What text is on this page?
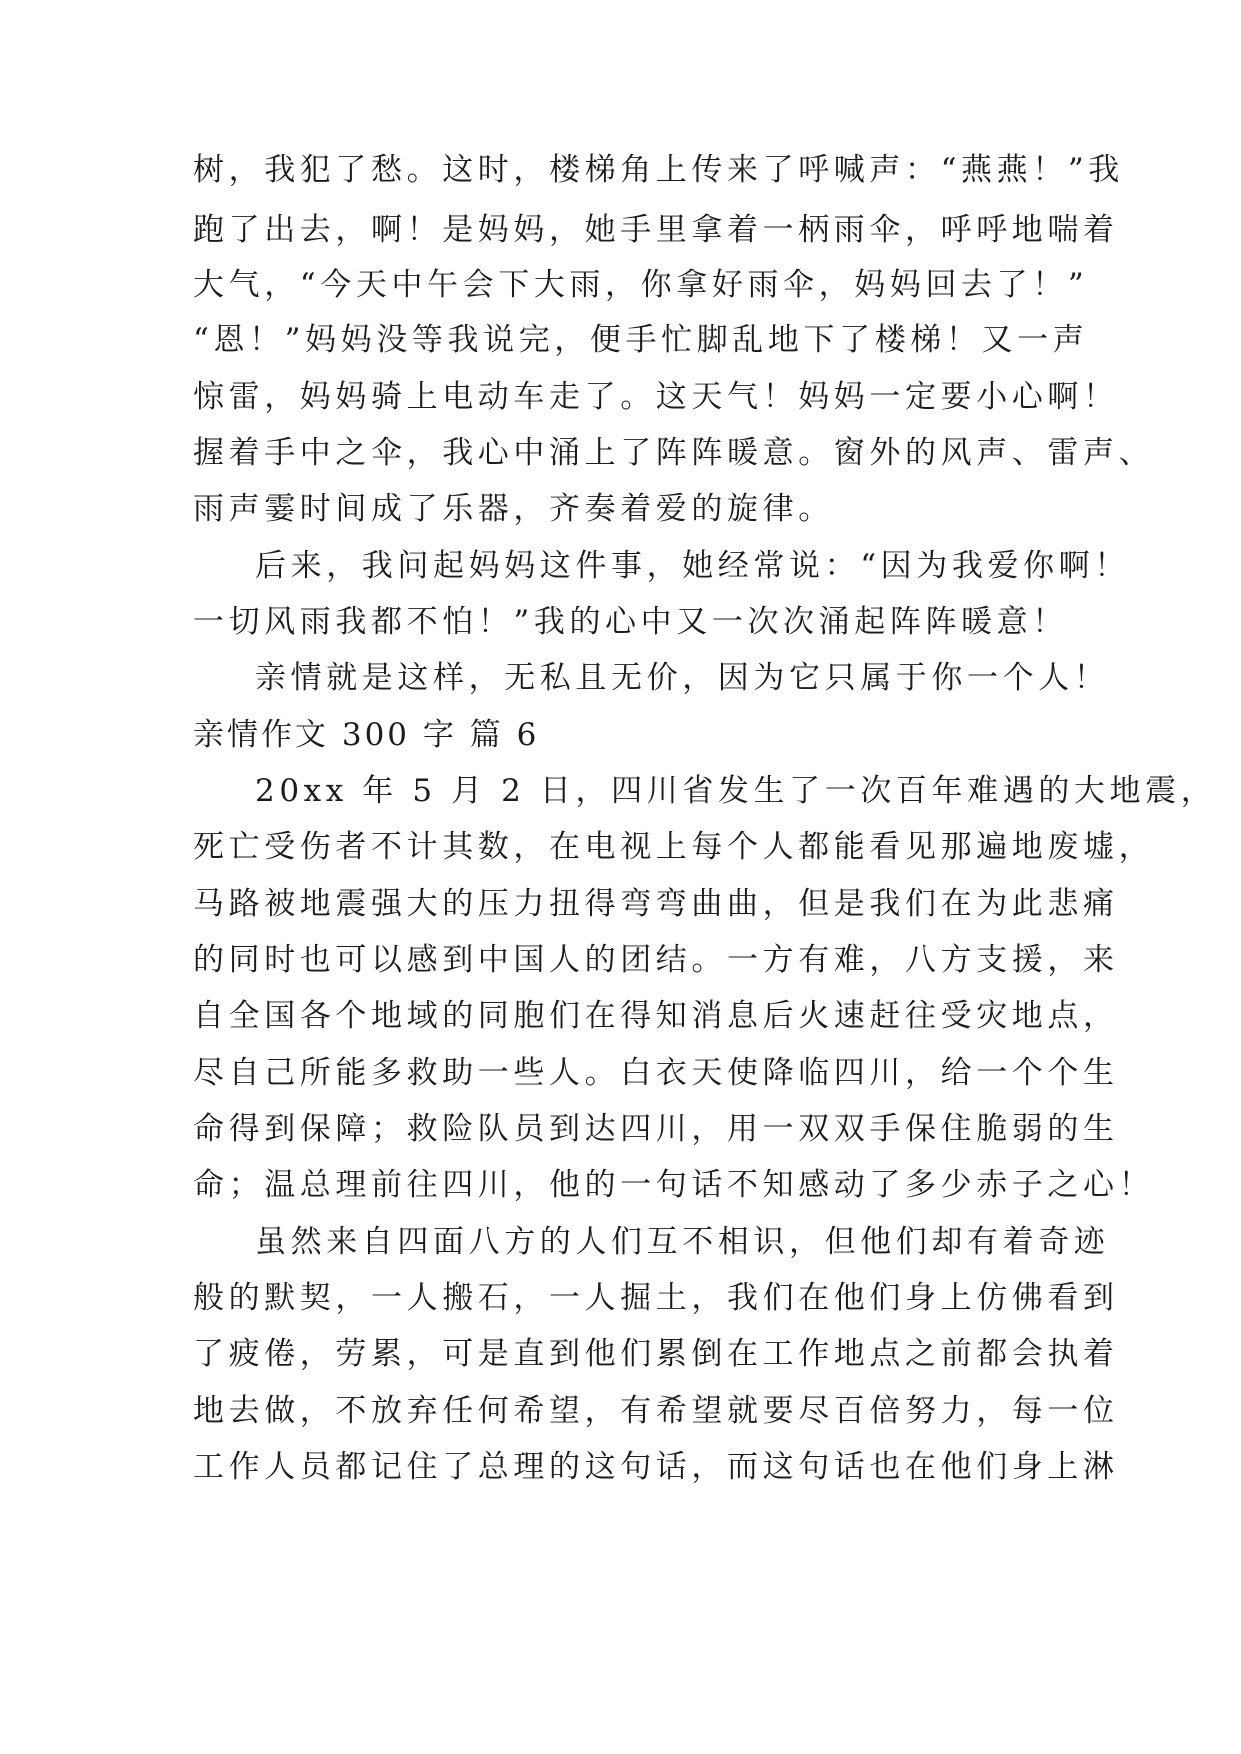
树，我犯了愁。这时，楼梯角上传来了呼喊声：“燕燕！”我
跑了出去，啊！是妈妈，她手里拿着一柄雨伞，呼呼地喘着
大气，“今天中午会下大雨，你拿好雨伞，妈妈回去了！”
“恩！”妈妈没等我说完，便手忙脚乱地下了楼梯！又一声
惊雷，妈妈骑上电动车走了。这天气！妈妈一定要小心啊！
握着手中之伞，我心中涌上了阵阵暖意。窗外的风声、雷声、
雨声霎时间成了乐器，齐奏着爱的旋律。
后来，我问起妈妈这件事，她经常说：“因为我爱你啊！
一切风雨我都不怕！”我的心中又一次次涌起阵阵暖意！
亲情就是这样，无私且无价，因为它只属于你一个人！
亲情作文 300 字 篇 6
20xx 年 5 月 2 日，四川省发生了一次百年难遇的大地震，
死亡受伤者不计其数，在电视上每个人都能看见那遍地废墟，
马路被地震强大的压力扭得弯弯曲曲，但是我们在为此悲痛
的同时也可以感到中国人的团结。一方有难，八方支援，来
自全国各个地域的同胞们在得知消息后火速赶往受灾地点，
尽自己所能多救助一些人。白衣天使降临四川，给一个个生
命得到保障；救险队员到达四川，用一双双手保住脆弱的生
命；温总理前往四川，他的一句话不知感动了多少赤子之心！
虽然来自四面八方的人们互不相识，但他们却有着奇迹
般的默契，一人搬石，一人掘土，我们在他们身上仿佛看到
了疲倦，劳累，可是直到他们累倒在工作地点之前都会执着
地去做，不放弃任何希望，有希望就要尽百倍努力，每一位
工作人员都记住了总理的这句话，而这句话也在他们身上淋
